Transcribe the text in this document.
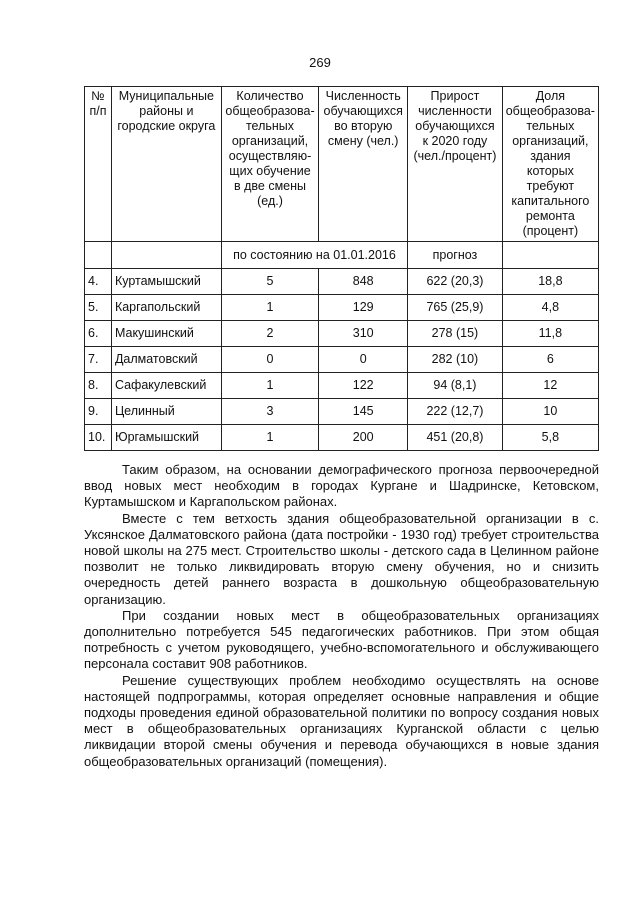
269
№ п/п	Муниципальные районы и городские округа	Количество общеобразова-тельных организаций, осуществляю-щих обучение в две смены (ед.)	Численность обучающихся во вторую смену (чел.)	Прирост численности обучающихся к 2020 году (чел./процент)	Доля общеобразова-тельных организаций, здания которых требуют капитального ремонта (процент)
		по состоянию на 01.01.2016		прогноз	
4.	Куртамышский	5	848	622 (20,3)	18,8
5.	Каргапольский	1	129	765 (25,9)	4,8
6.	Макушинский	2	310	278 (15)	11,8
7.	Далматовский	0	0	282 (10)	6
8.	Сафакулевский	1	122	94 (8,1)	12
9.	Целинный	3	145	222 (12,7)	10
10.	Юргамышский	1	200	451 (20,8)	5,8

Таким образом, на основании демографического прогноза первоочередной ввод новых мест необходим в городах Кургане и Шадринске, Кетовском, Куртамышском и Каргапольском районах.

Вместе с тем ветхость здания общеобразовательной организации в с. Уксянское Далматовского района (дата постройки - 1930 год) требует строительства новой школы на 275 мест. Строительство школы - детского сада в Целинном районе позволит не только ликвидировать вторую смену обучения, но и снизить очередность детей раннего возраста в дошкольную общеобразовательную организацию.

При создании новых мест в общеобразовательных организациях дополнительно потребуется 545 педагогических работников. При этом общая потребность с учетом руководящего, учебно-вспомогательного и обслуживающего персонала составит 908 работников.

Решение существующих проблем необходимо осуществлять на основе настоящей подпрограммы, которая определяет основные направления и общие подходы проведения единой образовательной политики по вопросу создания новых мест в общеобразовательных организациях Курганской области с целью ликвидации второй смены обучения и перевода обучающихся в новые здания общеобразовательных организаций (помещения).
